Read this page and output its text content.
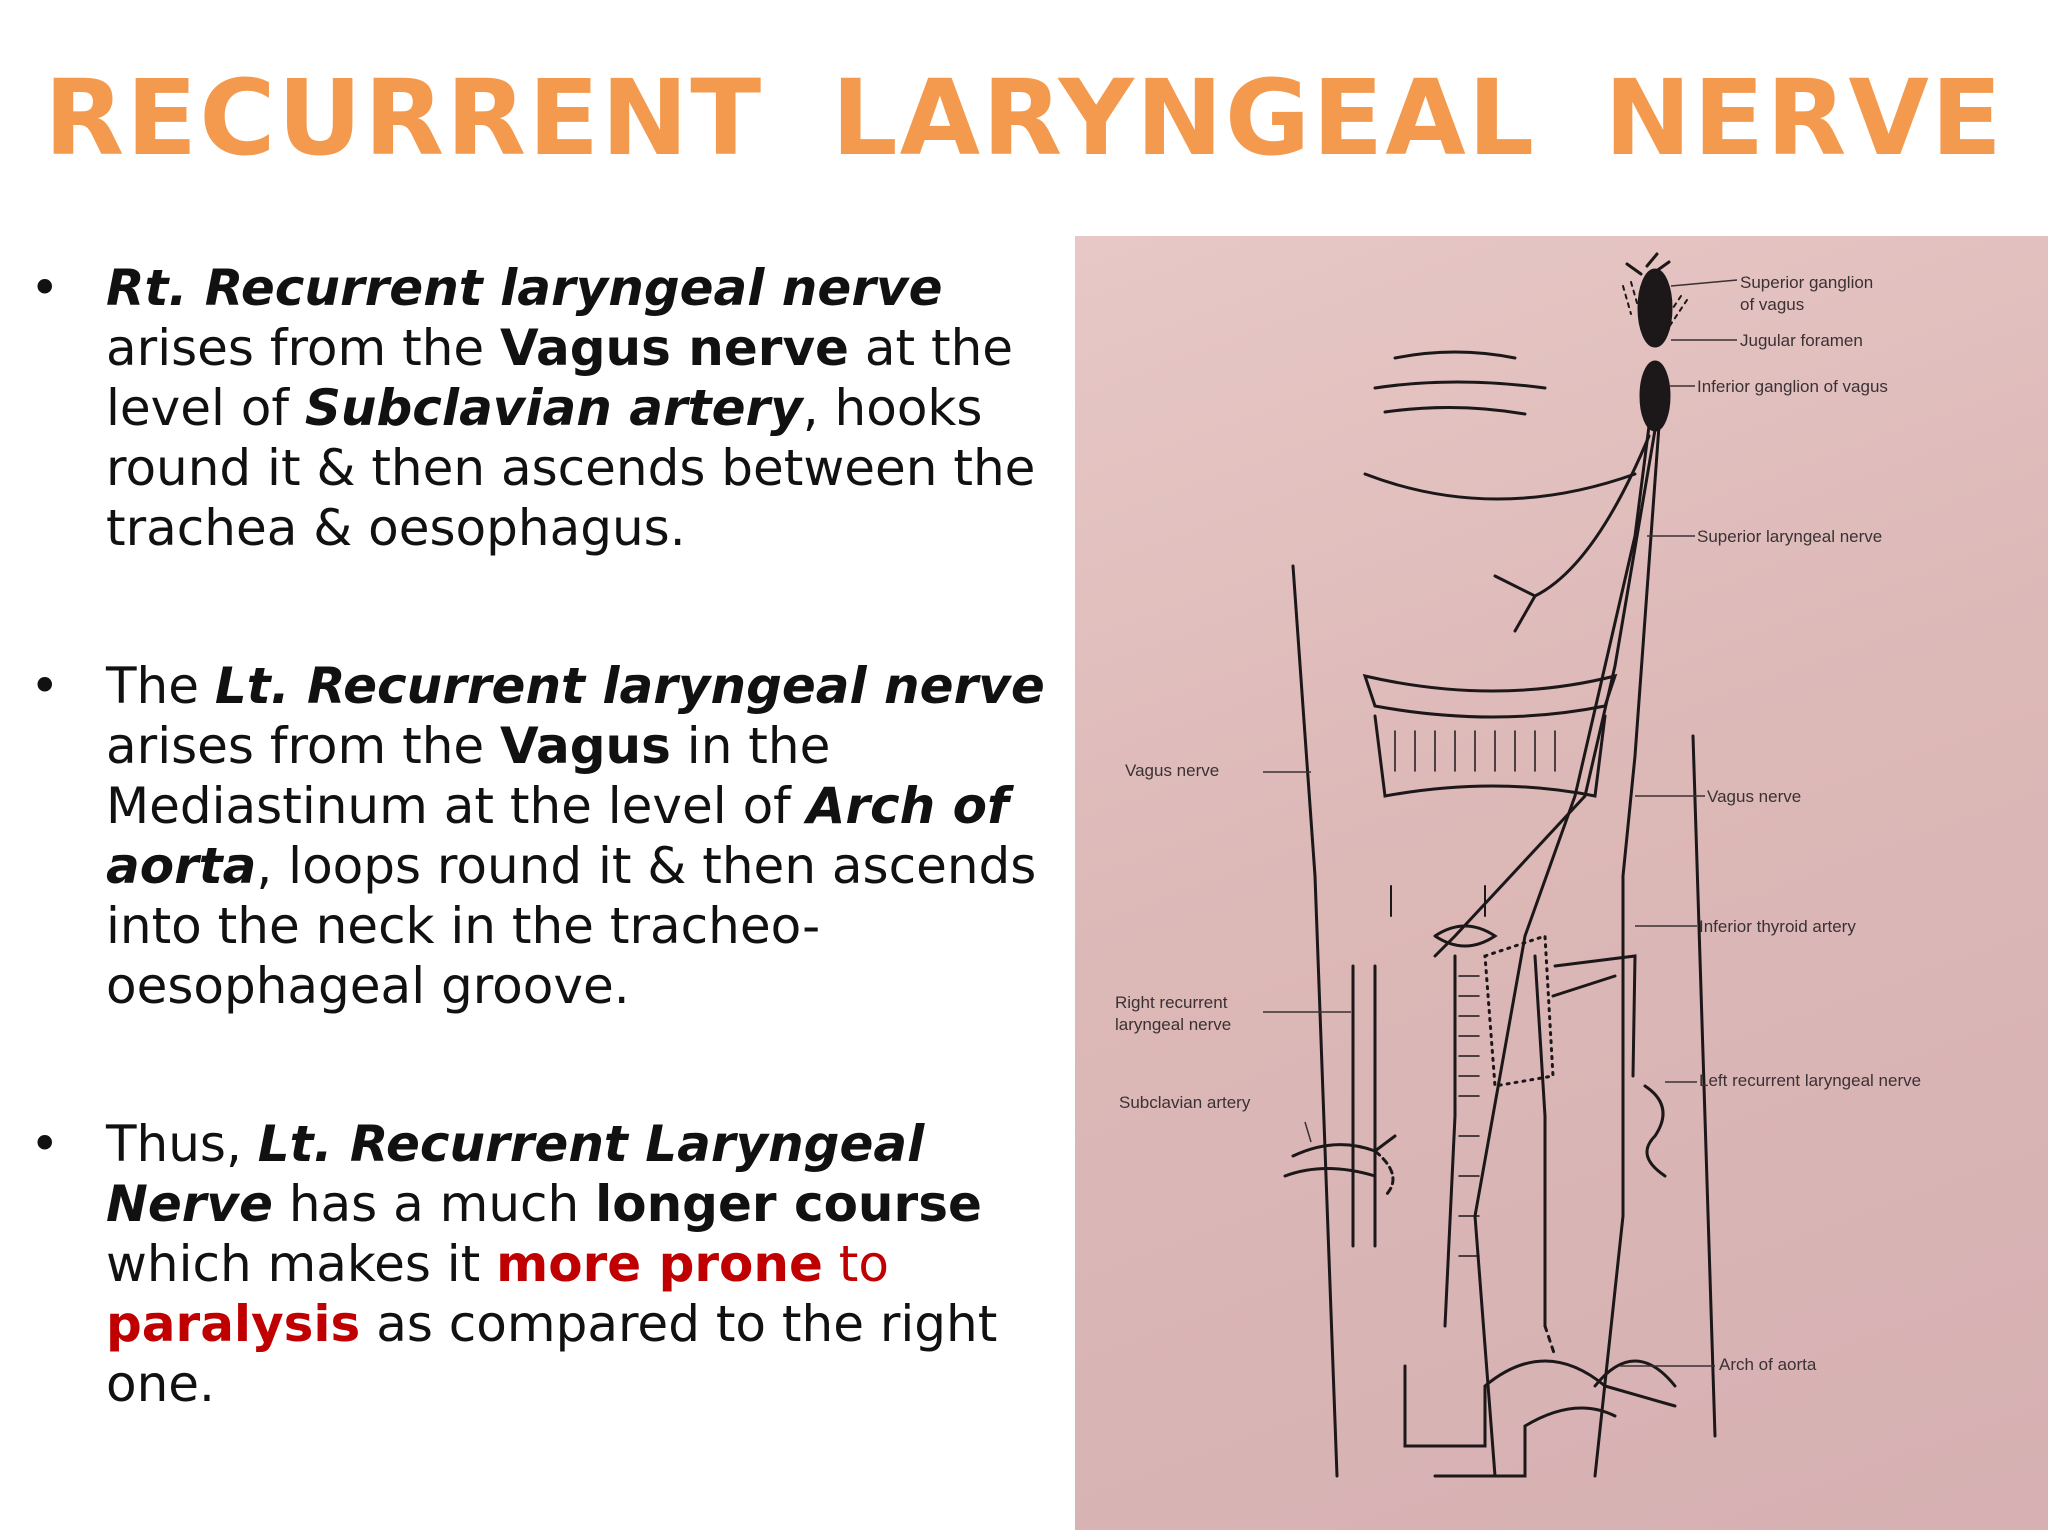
RECURRENT LARYNGEAL NERVE
• Rt. Recurrent laryngeal nerve arises from the Vagus nerve at the level of Subclavian artery, hooks round it & then ascends between the trachea & oesophagus.
• The Lt. Recurrent laryngeal nerve arises from the Vagus in the Mediastinum at the level of Arch of aorta, loops round it & then ascends into the neck in the tracheo-oesophageal groove.
• Thus, Lt. Recurrent Laryngeal Nerve has a much longer course which makes it more prone to paralysis as compared to the right one.
Superior ganglion of vagus
Jugular foramen
Inferior ganglion of vagus
Superior laryngeal nerve
Vagus nerve
Vagus nerve
Inferior thyroid artery
Right recurrent laryngeal nerve
Subclavian artery
Left recurrent laryngeal nerve
Arch of aorta
